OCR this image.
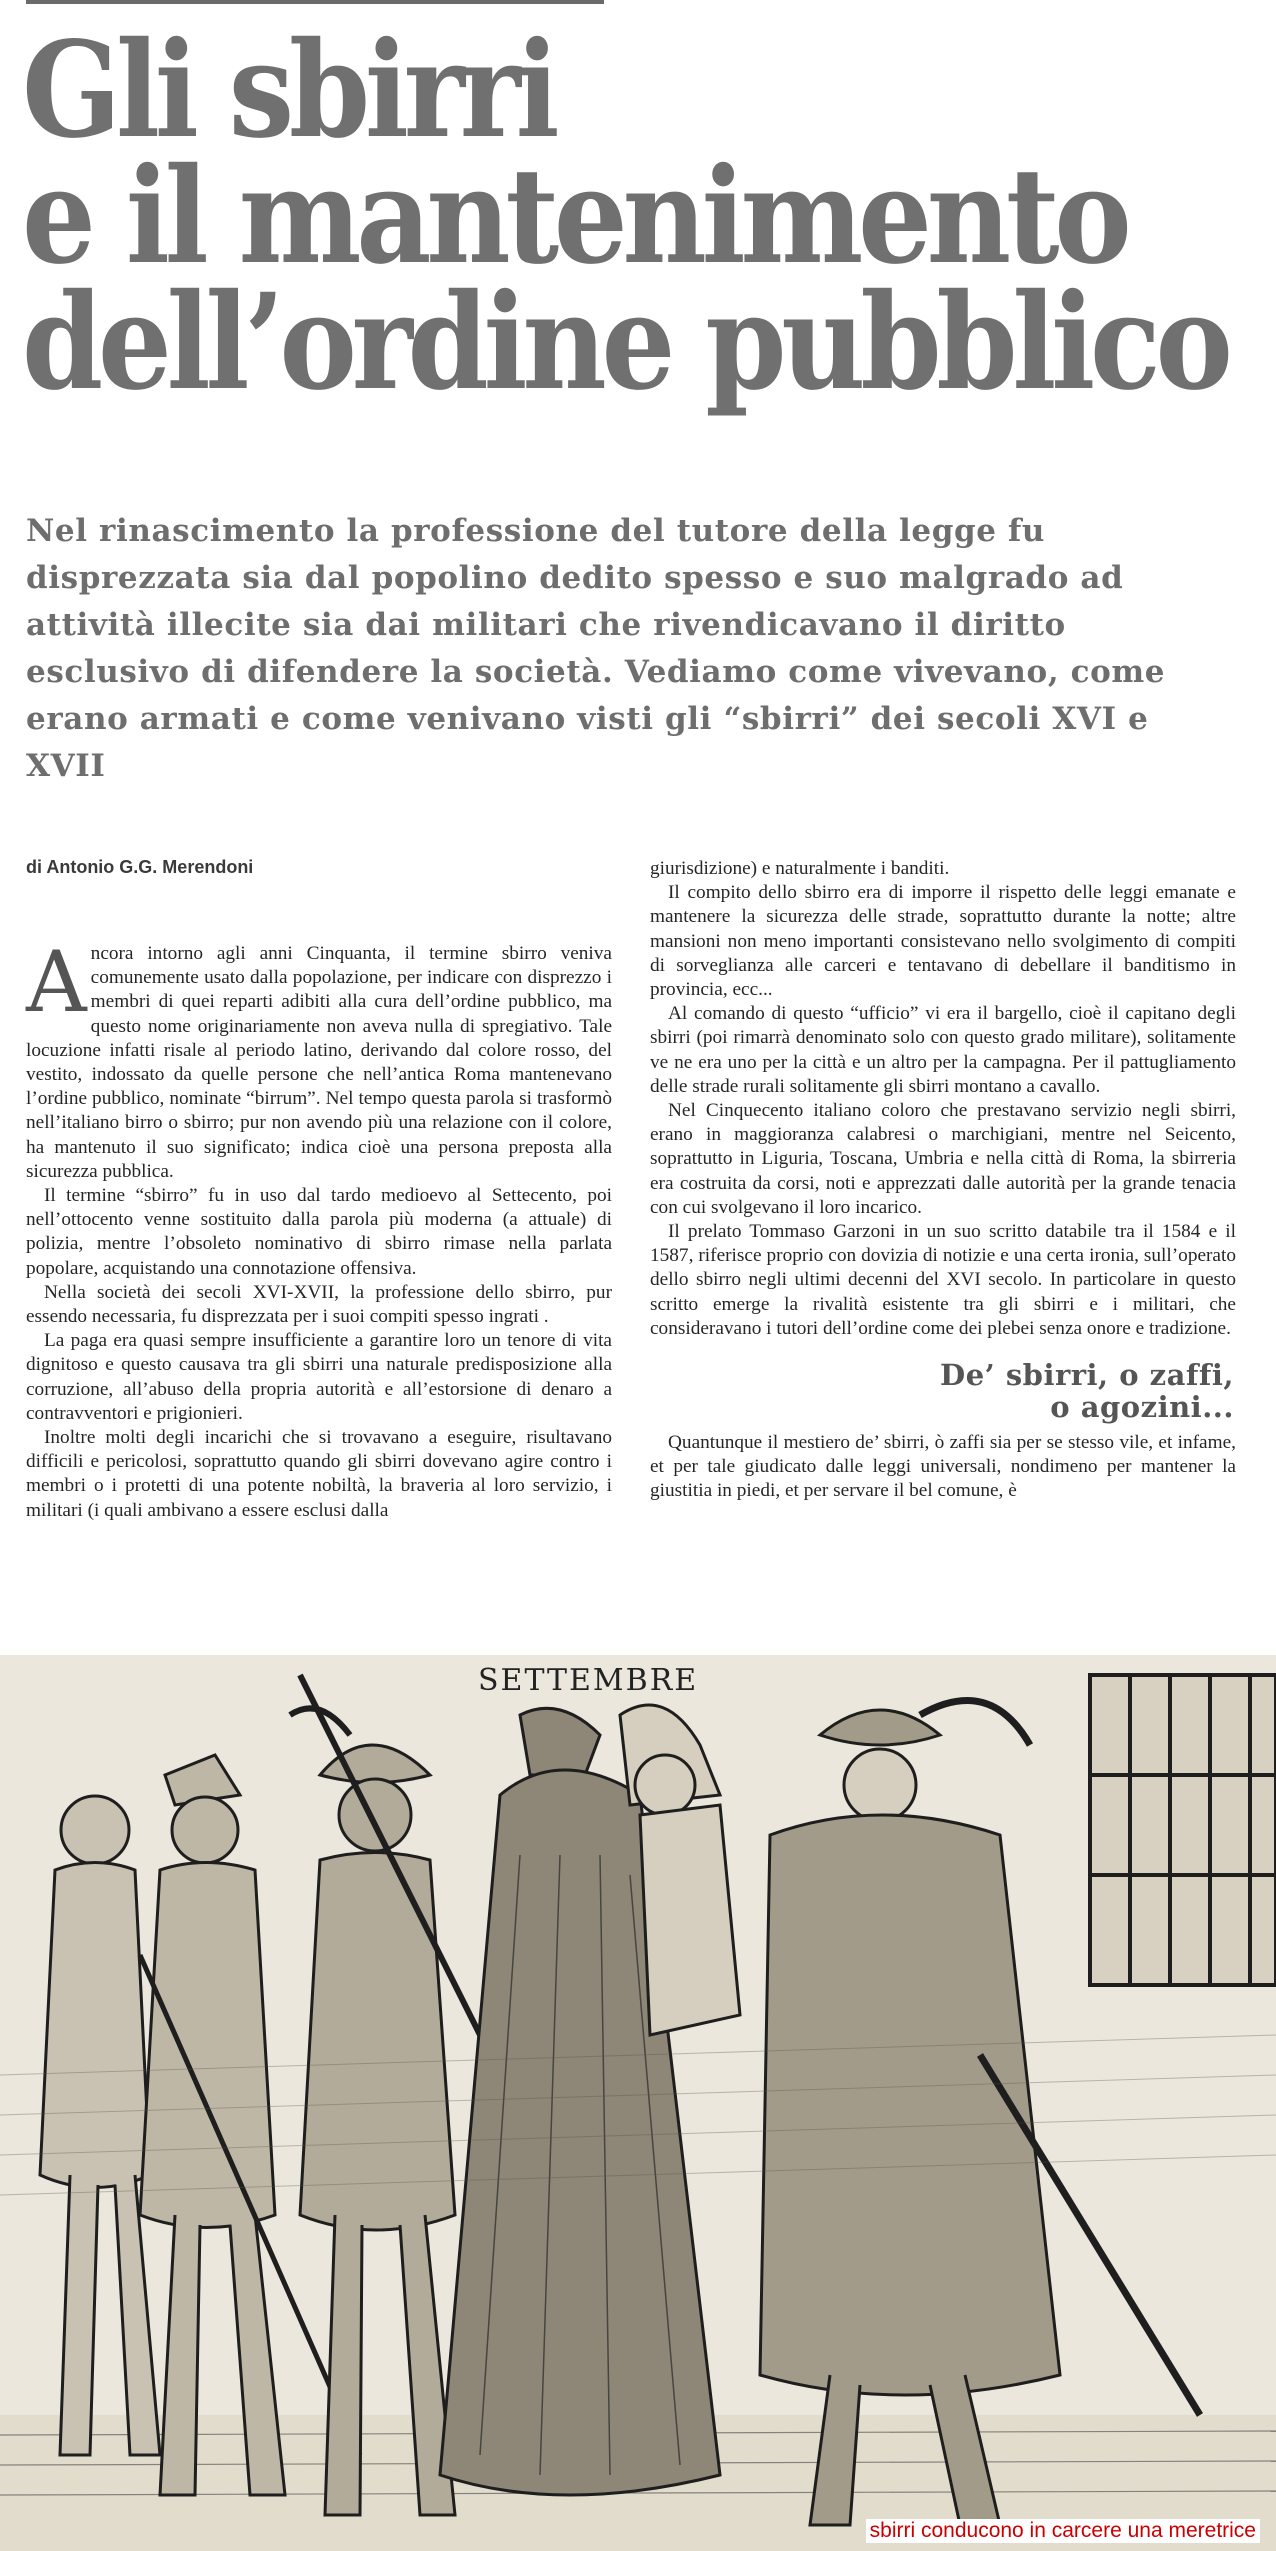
Gli sbirri
e il mantenimento
dell’ordine pubblico

Nel rinascimento la professione del tutore della legge fu disprezzata sia dal popolino dedito spesso e suo malgrado ad attività illecite sia dai militari che rivendicavano il diritto esclusivo di difendere la società. Vediamo come vivevano, come erano armati e come venivano visti gli “sbirri” dei secoli XVI e XVII

di Antonio G.G. Merendoni

Ancora intorno agli anni Cinquanta, il termine sbirro veniva comunemente usato dalla popolazione, per indicare con disprezzo i membri di quei reparti adibiti alla cura dell’ordine pubblico, ma questo nome originariamente non aveva nulla di spregiativo. Tale locuzione infatti risale al periodo latino, derivando dal colore rosso, del vestito, indossato da quelle persone che nell’antica Roma mantenevano l’ordine pubblico, nominate “birrum”. Nel tempo questa parola si trasformò nell’italiano birro o sbirro; pur non avendo più una relazione con il colore, ha mantenuto il suo significato; indica cioè una persona preposta alla sicurezza pubblica.

Il termine “sbirro” fu in uso dal tardo medioevo al Settecento, poi nell’ottocento venne sostituito dalla parola più moderna (a attuale) di polizia, mentre l’obsoleto nominativo di sbirro rimase nella parlata popolare, acquistando una connotazione offensiva.

Nella società dei secoli XVI-XVII, la professione dello sbirro, pur essendo necessaria, fu disprezzata per i suoi compiti spesso ingrati .

La paga era quasi sempre insufficiente a garantire loro un tenore di vita dignitoso e questo causava tra gli sbirri una naturale predisposizione alla corruzione, all’abuso della propria autorità e all’estorsione di denaro a contravventori e prigionieri.

Inoltre molti degli incarichi che si trovavano a eseguire, risultavano difficili e pericolosi, soprattutto quando gli sbirri dovevano agire contro i membri o i protetti di una potente nobiltà, la braveria al loro servizio, i militari (i quali ambivano a essere esclusi dalla

giurisdizione) e naturalmente i banditi.

Il compito dello sbirro era di imporre il rispetto delle leggi emanate e mantenere la sicurezza delle strade, soprattutto durante la notte; altre mansioni non meno importanti consistevano nello svolgimento di compiti di sorveglianza alle carceri e tentavano di debellare il banditismo in provincia, ecc...

Al comando di questo “ufficio” vi era il bargello, cioè il capitano degli sbirri (poi rimarrà denominato solo con questo grado militare), solitamente ve ne era uno per la città e un altro per la campagna. Per il pattugliamento delle strade rurali solitamente gli sbirri montano a cavallo.

Nel Cinquecento italiano coloro che prestavano servizio negli sbirri, erano in maggioranza calabresi o marchigiani, mentre nel Seicento, soprattutto in Liguria, Toscana, Umbria e nella città di Roma, la sbirreria era costruita da corsi, noti e apprezzati dalle autorità per la grande tenacia con cui svolgevano il loro incarico.

Il prelato Tommaso Garzoni in un suo scritto databile tra il 1584 e il 1587, riferisce proprio con dovizia di notizie e una certa ironia, sull’operato dello sbirro negli ultimi decenni del XVI secolo. In particolare in questo scritto emerge la rivalità esistente tra gli sbirri e i militari, che consideravano i tutori dell’ordine come dei plebei senza onore e tradizione.

De’ sbirri, o zaffi,
o agozini...

Quantunque il mestiero de’ sbirri, ò zaffi sia per se stesso vile, et infame, et per tale giudicato dalle leggi universali, nondimeno per mantener la giustitia in piedi, et per servare il bel comune, è

SETTEMBRE

sbirri conducono in carcere una meretrice
